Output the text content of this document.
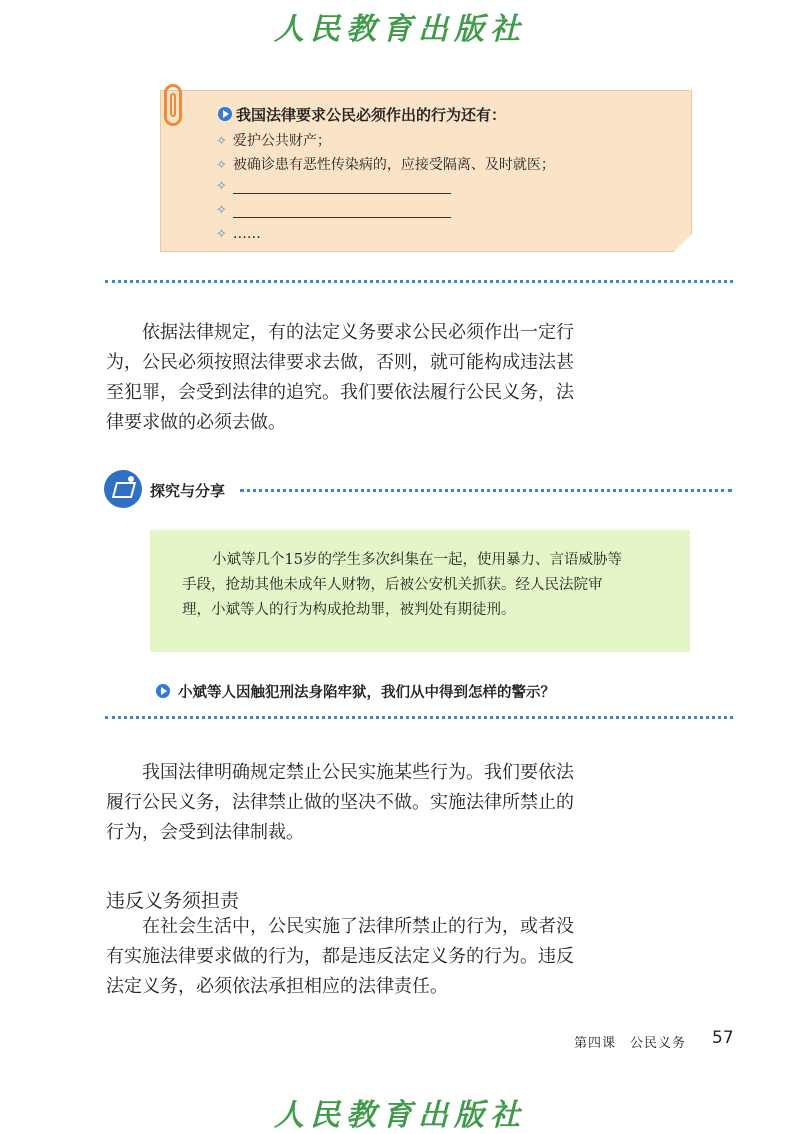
人民教育出版社
我国法律要求公民必须作出的行为还有：
✧ 爱护公共财产；
✧ 被确诊患有恶性传染病的，应接受隔离、及时就医；
✧
✧
✧ ……

依据法律规定，有的法定义务要求公民必须作出一定行为，公民必须按照法律要求去做，否则，就可能构成违法甚至犯罪，会受到法律的追究。我们要依法履行公民义务，法律要求做的必须去做。

探究与分享

小斌等几个15岁的学生多次纠集在一起，使用暴力、言语威胁等手段，抢劫其他未成年人财物，后被公安机关抓获。经人民法院审理，小斌等人的行为构成抢劫罪，被判处有期徒刑。

小斌等人因触犯刑法身陷牢狱，我们从中得到怎样的警示？

我国法律明确规定禁止公民实施某些行为。我们要依法履行公民义务，法律禁止做的坚决不做。实施法律所禁止的行为，会受到法律制裁。

违反义务须担责

在社会生活中，公民实施了法律所禁止的行为，或者没有实施法律要求做的行为，都是违反法定义务的行为。违反法定义务，必须依法承担相应的法律责任。

第四课　公民义务 57
人民教育出版社
